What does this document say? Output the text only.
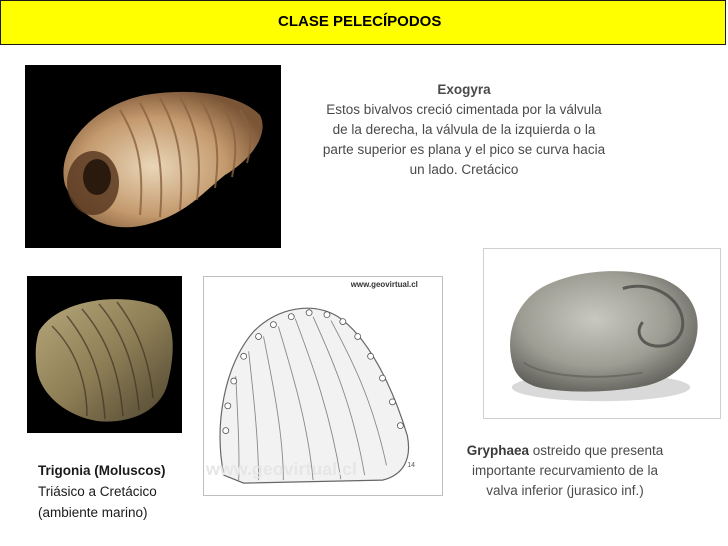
CLASE PELECÍPODOS
Exogyra
Estos bivalvos creció cimentada por la válvula
de la derecha, la válvula de la izquierda o la
parte superior es plana y el pico se curva hacia
un lado. Cretácico
Trigonia (Moluscos)
Triásico a Cretácico
(ambiente marino)
www.geovirtual.cl
www.geovirtual.cl	14
Gryphaea ostreido que presenta importante recurvamiento de la valva inferior (jurasico inf.)
